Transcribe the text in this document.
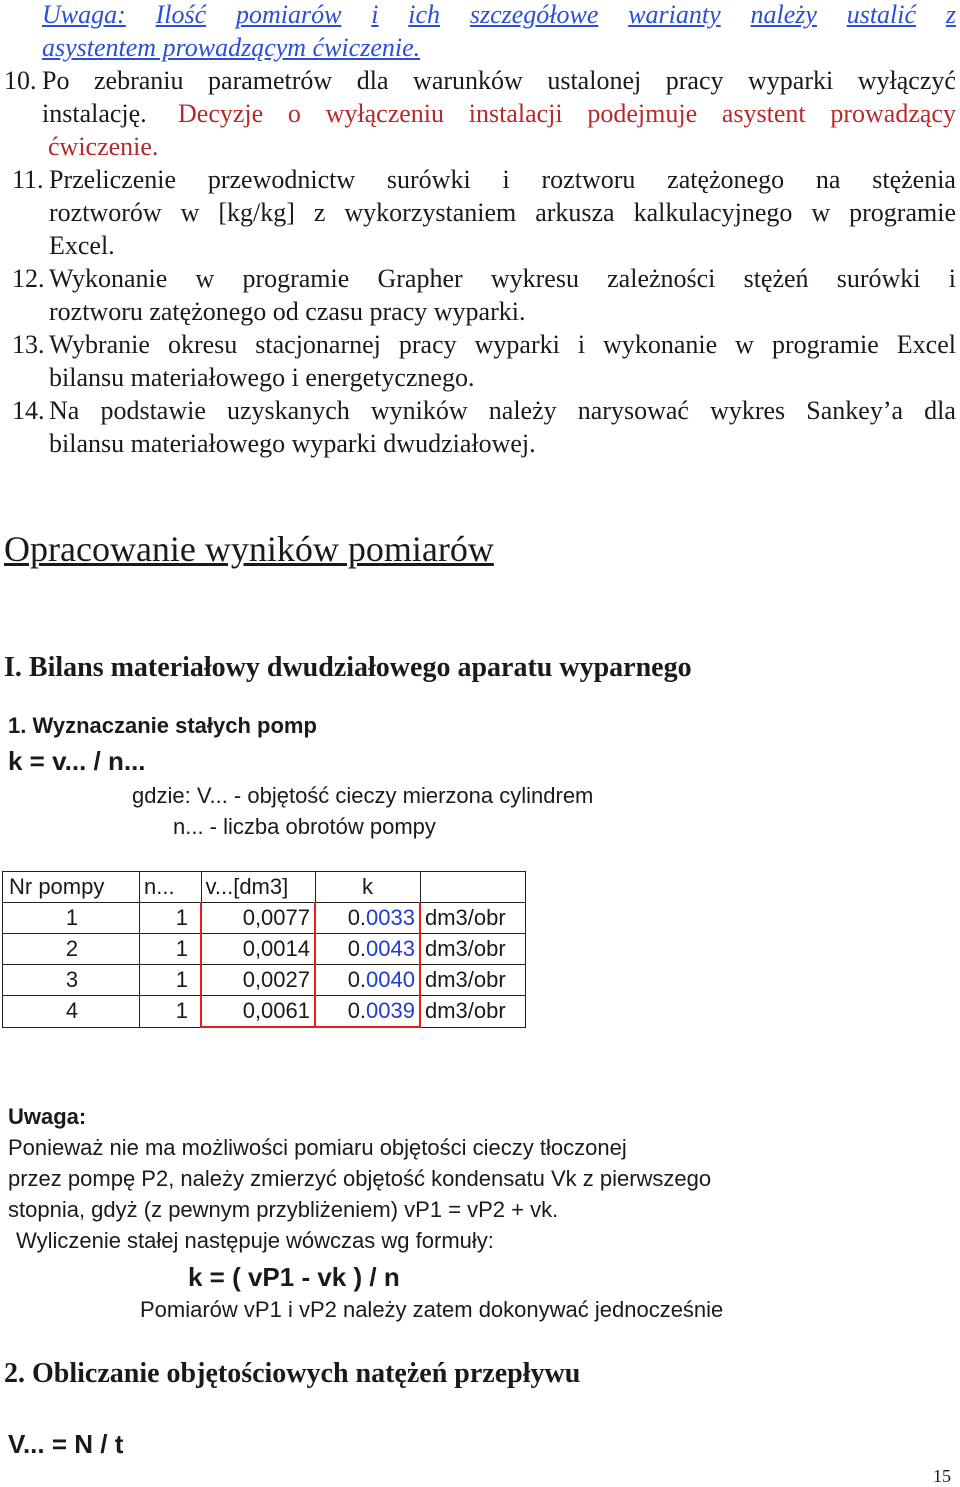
Uwaga: Ilość pomiarów i ich szczegółowe warianty należy ustalić z
asystentem prowadzącym ćwiczenie.
10. Po zebraniu parametrów dla warunków ustalonej pracy wyparki wyłączyć
instalację. Decyzje o wyłączeniu instalacji podejmuje asystent prowadzący
ćwiczenie.
11. Przeliczenie przewodnictw surówki i roztworu zatężonego na stężenia
roztworów w [kg/kg] z wykorzystaniem arkusza kalkulacyjnego w programie
Excel.
12. Wykonanie w programie Grapher wykresu zależności stężeń surówki i
roztworu zatężonego od czasu pracy wyparki.
13. Wybranie okresu stacjonarnej pracy wyparki i wykonanie w programie Excel
bilansu materiałowego i energetycznego.
14. Na podstawie uzyskanych wyników należy narysować wykres Sankey’a dla
bilansu materiałowego wyparki dwudziałowej.
Opracowanie wyników pomiarów
I. Bilans materiałowy dwudziałowego aparatu wyparnego
1. Wyznaczanie stałych pomp
k = v... / n...
gdzie: V... - objętość cieczy mierzona cylindrem
n... - liczba obrotów pompy
Nr pompy	n...	v...[dm3]	k	
1	1	0,0077	0.0033	dm3/obr
2	1	0,0014	0.0043	dm3/obr
3	1	0,0027	0.0040	dm3/obr
4	1	0,0061	0.0039	dm3/obr
Uwaga:
Ponieważ nie ma możliwości pomiaru objętości cieczy tłoczonej
przez pompę P2, należy zmierzyć objętość kondensatu Vk z pierwszego
stopnia, gdyż (z pewnym przybliżeniem) vP1 = vP2 + vk.
Wyliczenie stałej następuje wówczas wg formuły:
k = ( vP1 - vk ) / n
Pomiarów vP1 i vP2 należy zatem dokonywać jednocześnie
2. Obliczanie objętościowych natężeń przepływu
V... = N / t
15
